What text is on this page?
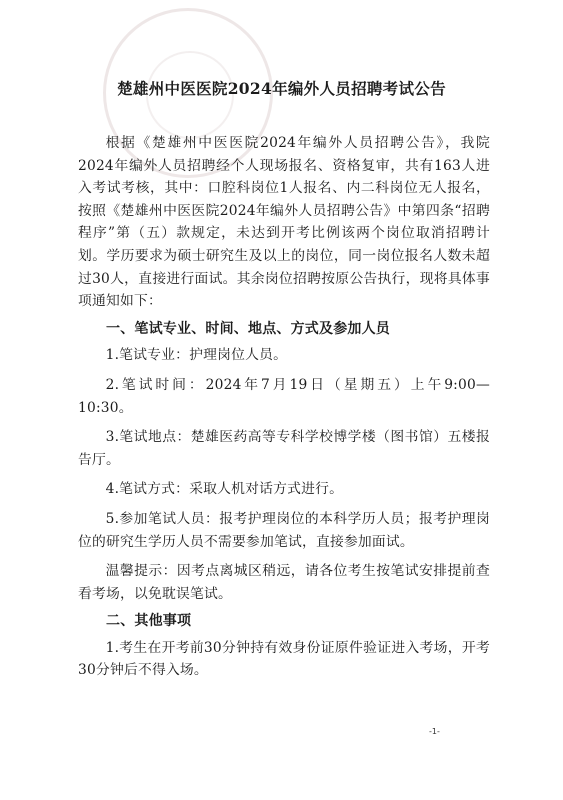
楚雄州中医医院2024年编外人员招聘考试公告

根据《楚雄州中医医院2024年编外人员招聘公告》，我院2024年编外人员招聘经个人现场报名、资格复审，共有163人进入考试考核，其中：口腔科岗位1人报名、内二科岗位无人报名，按照《楚雄州中医医院2024年编外人员招聘公告》中第四条“招聘程序”第（五）款规定，未达到开考比例该两个岗位取消招聘计划。学历要求为硕士研究生及以上的岗位，同一岗位报名人数未超过30人，直接进行面试。其余岗位招聘按原公告执行，现将具体事项通知如下：

一、笔试专业、时间、地点、方式及参加人员

1.笔试专业：护理岗位人员。

2.笔试时间：2024年7月19日（星期五）上午9:00—10:30。

3.笔试地点：楚雄医药高等专科学校博学楼（图书馆）五楼报告厅。

4.笔试方式：采取人机对话方式进行。

5.参加笔试人员：报考护理岗位的本科学历人员；报考护理岗位的研究生学历人员不需要参加笔试，直接参加面试。

温馨提示：因考点离城区稍远，请各位考生按笔试安排提前查看考场，以免耽误笔试。

二、其他事项

1.考生在开考前30分钟持有效身份证原件验证进入考场，开考30分钟后不得入场。

-1-
